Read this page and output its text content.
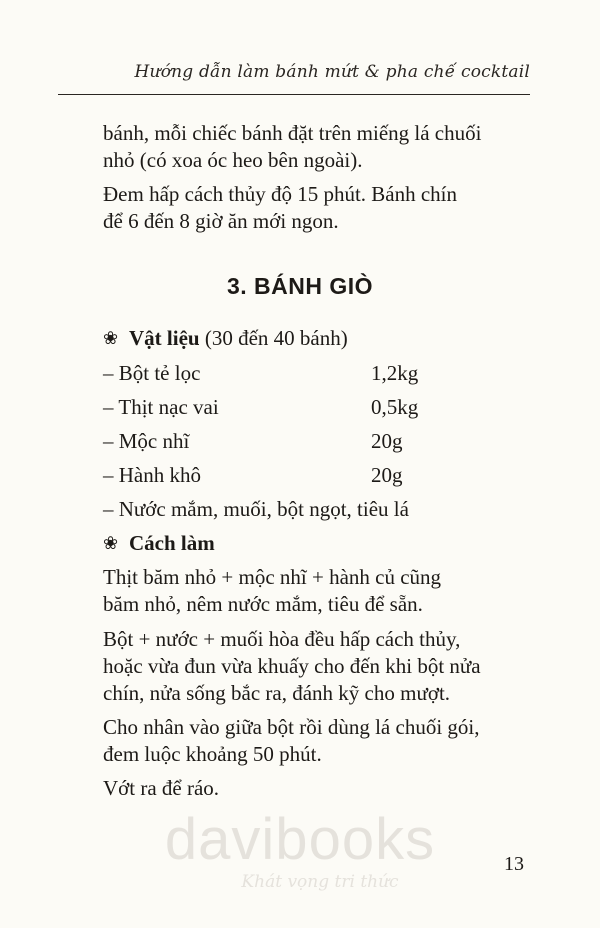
Hướng dẫn làm bánh mứt & pha chế cocktail
bánh, mỗi chiếc bánh đặt trên miếng lá chuối
nhỏ (có xoa óc heo bên ngoài).
Đem hấp cách thủy độ 15 phút. Bánh chín
để 6 đến 8 giờ ăn mới ngon.
3. BÁNH GIÒ
❀ Vật liệu (30 đến 40 bánh)
– Bột tẻ lọc	1,2kg
– Thịt nạc vai	0,5kg
– Mộc nhĩ	20g
– Hành khô	20g
– Nước mắm, muối, bột ngọt, tiêu lá
❀ Cách làm
Thịt băm nhỏ + mộc nhĩ + hành củ cũng
băm nhỏ, nêm nước mắm, tiêu để sẵn.
Bột + nước + muối hòa đều hấp cách thủy,
hoặc vừa đun vừa khuấy cho đến khi bột nửa
chín, nửa sống bắc ra, đánh kỹ cho mượt.
Cho nhân vào giữa bột rồi dùng lá chuối gói,
đem luộc khoảng 50 phút.
Vớt ra để ráo.
davibooks
Khát vọng tri thức
13
